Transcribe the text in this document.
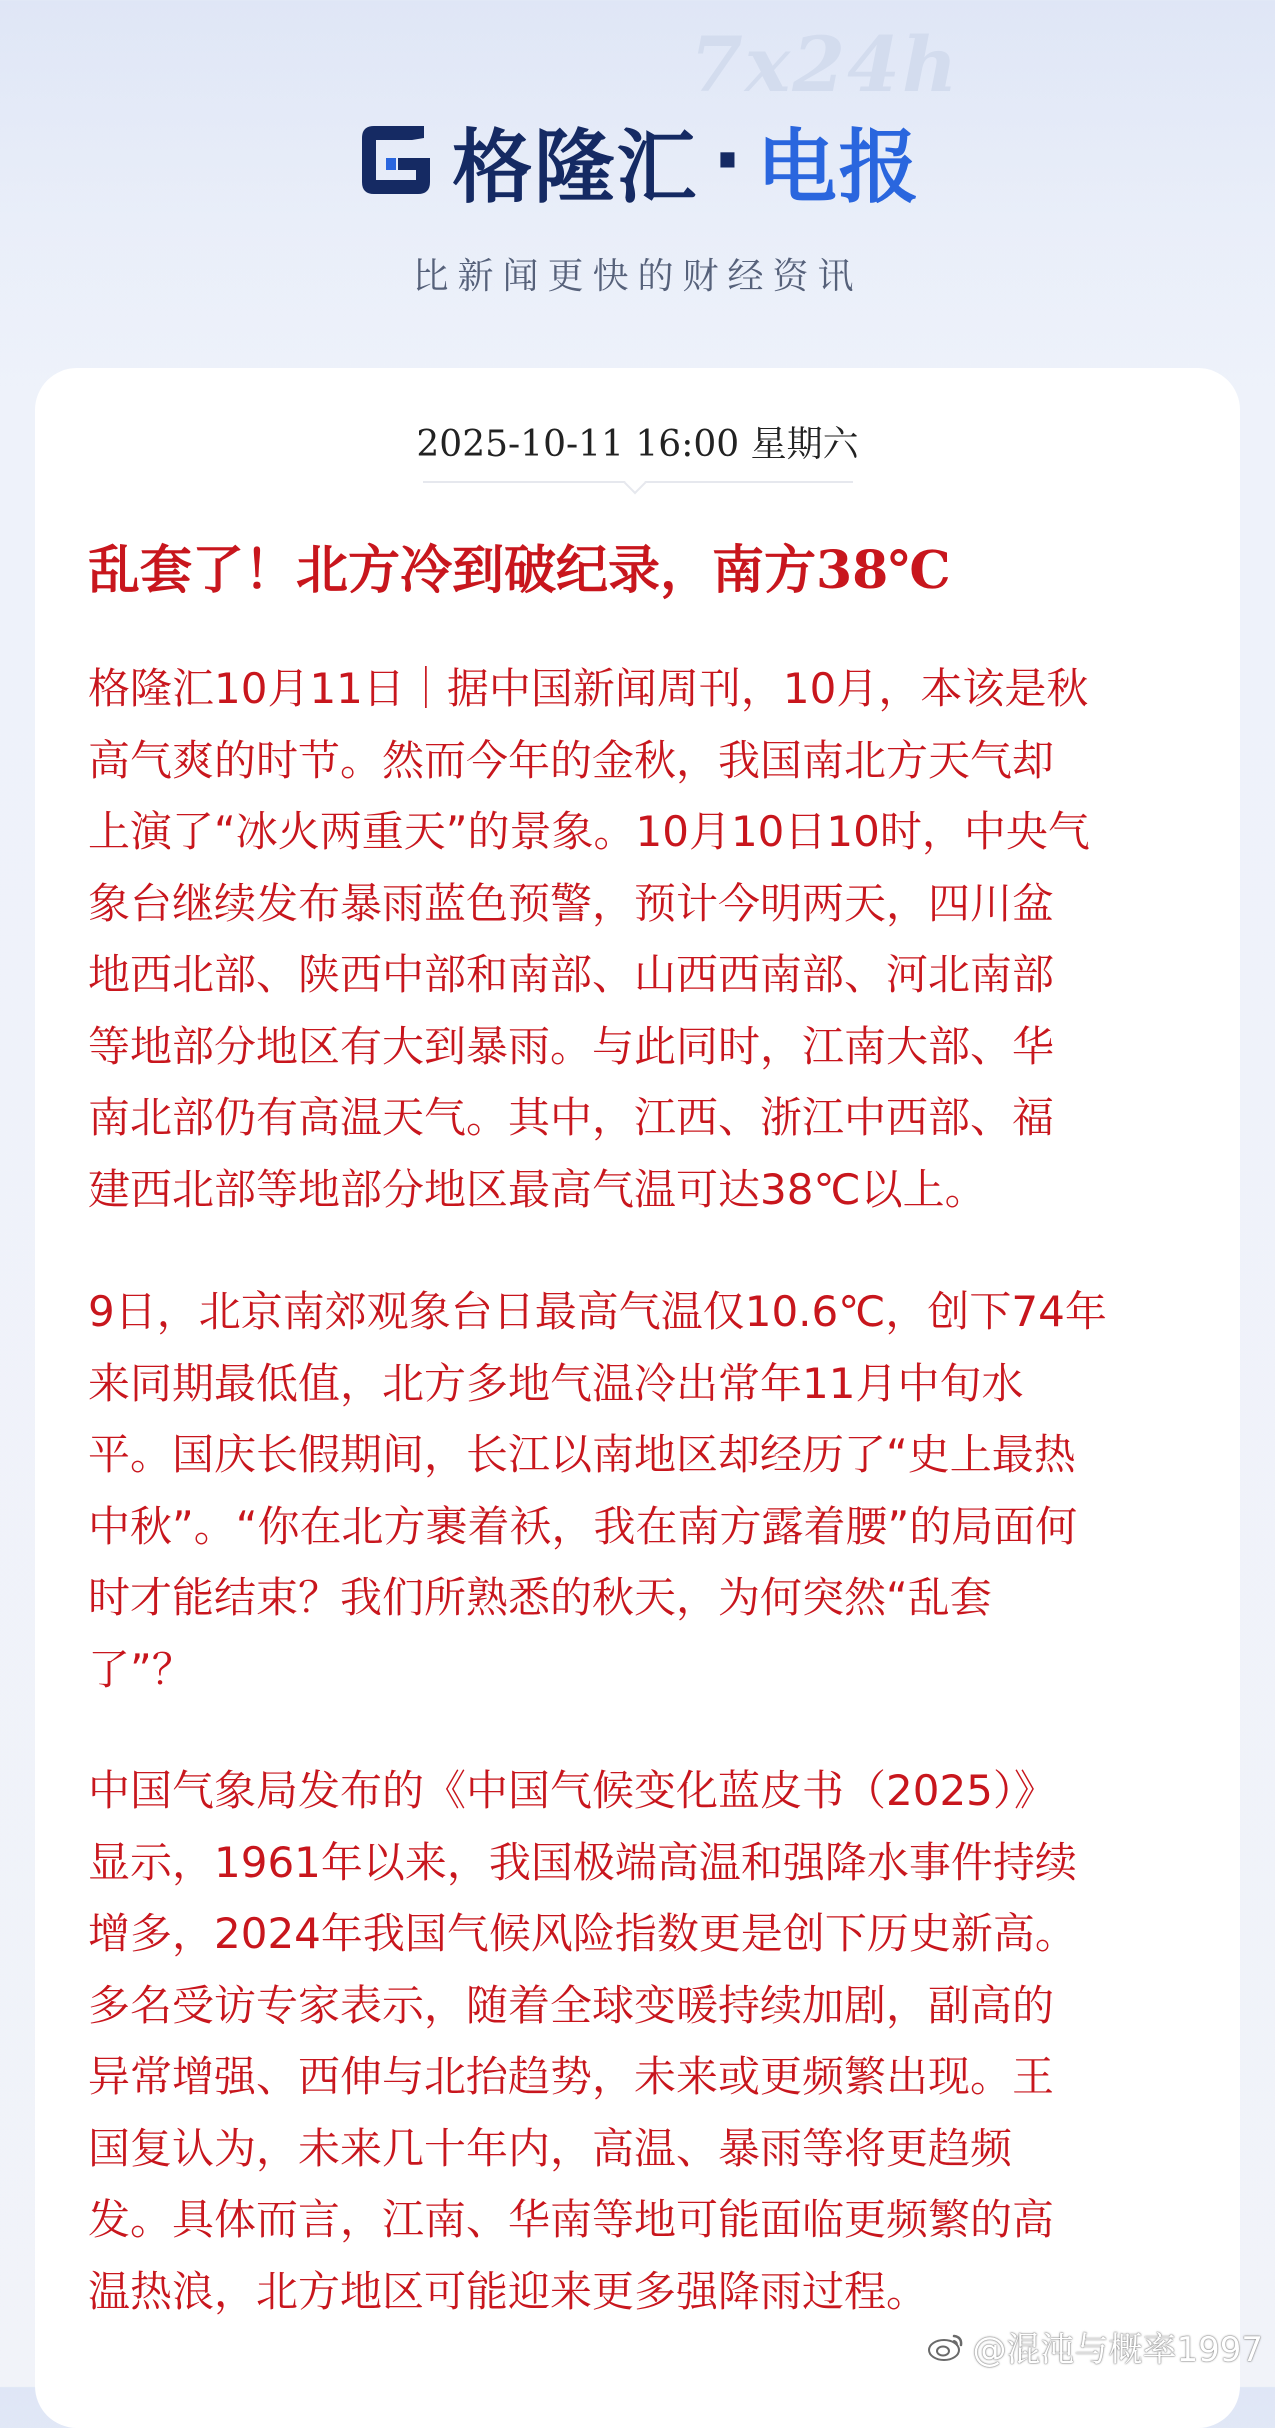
7x24h
格隆汇 · 电报
比新闻更快的财经资讯
2025-10-11 16:00 星期六
乱套了！北方冷到破纪录，南方38℃

格隆汇10月11日｜据中国新闻周刊，10月，本该是秋
高气爽的时节。然而今年的金秋，我国南北方天气却
上演了“冰火两重天”的景象。10月10日10时，中央气
象台继续发布暴雨蓝色预警，预计今明两天，四川盆
地西北部、陕西中部和南部、山西西南部、河北南部
等地部分地区有大到暴雨。与此同时，江南大部、华
南北部仍有高温天气。其中，江西、浙江中西部、福
建西北部等地部分地区最高气温可达38℃以上。

9日，北京南郊观象台日最高气温仅10.6℃，创下74年
来同期最低值，北方多地气温冷出常年11月中旬水
平。国庆长假期间，长江以南地区却经历了“史上最热
中秋”。“你在北方裹着袄，我在南方露着腰”的局面何
时才能结束？我们所熟悉的秋天，为何突然“乱套
了”？

中国气象局发布的《中国气候变化蓝皮书（2025）》
显示，1961年以来，我国极端高温和强降水事件持续
增多，2024年我国气候风险指数更是创下历史新高。
多名受访专家表示，随着全球变暖持续加剧，副高的
异常增强、西伸与北抬趋势，未来或更频繁出现。王
国复认为，未来几十年内，高温、暴雨等将更趋频
发。具体而言，江南、华南等地可能面临更频繁的高
温热浪，北方地区可能迎来更多强降雨过程。

@混沌与概率1997
